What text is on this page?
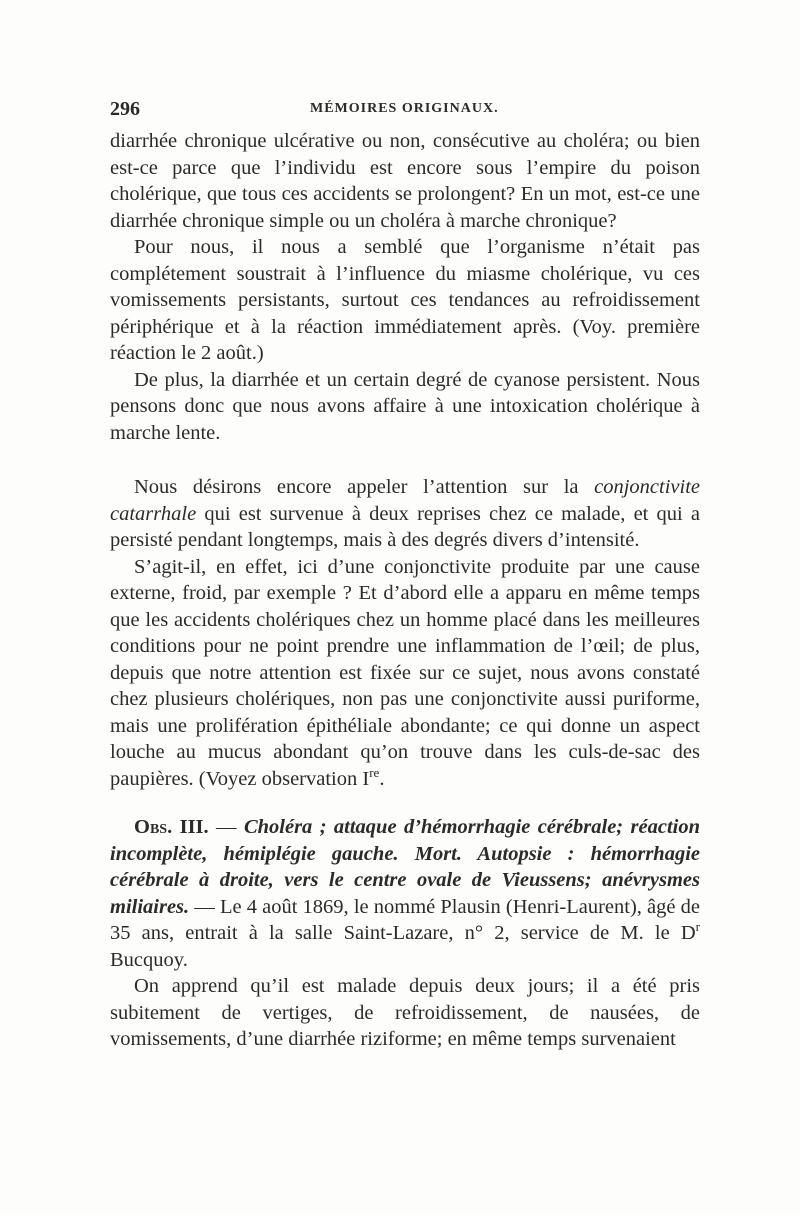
296	MÉMOIRES ORIGINAUX.

diarrhée chronique ulcérative ou non, consécutive au choléra; ou bien est-ce parce que l’individu est encore sous l’empire du poison cholérique, que tous ces accidents se prolongent? En un mot, est-ce une diarrhée chronique simple ou un choléra à marche chronique?

Pour nous, il nous a semblé que l’organisme n’était pas complétement soustrait à l’influence du miasme cholérique, vu ces vomissements persistants, surtout ces tendances au refroidissement périphérique et à la réaction immédiatement après. (Voy. première réaction le 2 août.)

De plus, la diarrhée et un certain degré de cyanose persistent. Nous pensons donc que nous avons affaire à une intoxication cholérique à marche lente.

Nous désirons encore appeler l’attention sur la conjonctivite catarrhale qui est survenue à deux reprises chez ce malade, et qui a persisté pendant longtemps, mais à des degrés divers d’intensité.

S’agit-il, en effet, ici d’une conjonctivite produite par une cause externe, froid, par exemple ? Et d’abord elle a apparu en même temps que les accidents cholériques chez un homme placé dans les meilleures conditions pour ne point prendre une inflammation de l’œil; de plus, depuis que notre attention est fixée sur ce sujet, nous avons constaté chez plusieurs cholériques, non pas une conjonctivite aussi puriforme, mais une prolifération épithéliale abondante; ce qui donne un aspect louche au mucus abondant qu’on trouve dans les culs-de-sac des paupières. (Voyez observation Ire.

Obs. III. — Choléra ; attaque d’hémorrhagie cérébrale; réaction incomplète, hémiplégie gauche. Mort. Autopsie : hémorrhagie cérébrale à droite, vers le centre ovale de Vieussens; anévrysmes miliaires. — Le 4 août 1869, le nommé Plausin (Henri-Laurent), âgé de 35 ans, entrait à la salle Saint-Lazare, n° 2, service de M. le $D^r$ Bucquoy.

On apprend qu’il est malade depuis deux jours; il a été pris subitement de vertiges, de refroidissement, de nausées, de vomissements, d’une diarrhée riziforme; en même temps survenaient
